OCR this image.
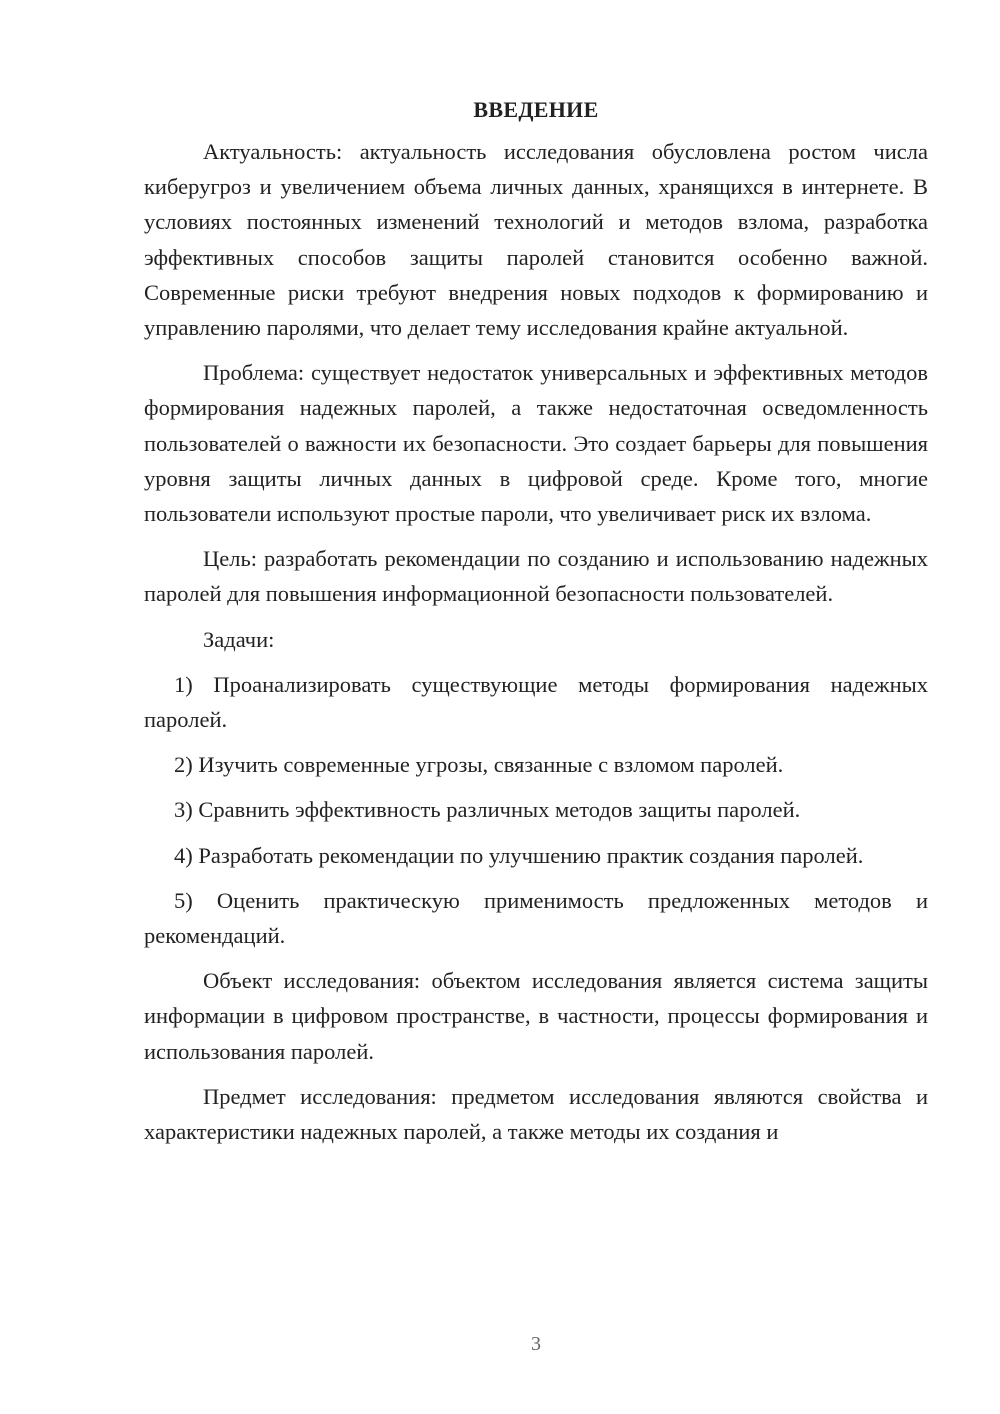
ВВЕДЕНИЕ

Актуальность: актуальность исследования обусловлена ростом числа киберугроз и увеличением объема личных данных, хранящихся в интернете. В условиях постоянных изменений технологий и методов взлома, разработка эффективных способов защиты паролей становится особенно важной. Современные риски требуют внедрения новых подходов к формированию и управлению паролями, что делает тему исследования крайне актуальной.

Проблема: существует недостаток универсальных и эффективных методов формирования надежных паролей, а также недостаточная осведомленность пользователей о важности их безопасности. Это создает барьеры для повышения уровня защиты личных данных в цифровой среде. Кроме того, многие пользователи используют простые пароли, что увеличивает риск их взлома.

Цель: разработать рекомендации по созданию и использованию надежных паролей для повышения информационной безопасности пользователей.

Задачи:

1) Проанализировать существующие методы формирования надежных паролей.

2) Изучить современные угрозы, связанные с взломом паролей.

3) Сравнить эффективность различных методов защиты паролей.

4) Разработать рекомендации по улучшению практик создания паролей.

5) Оценить практическую применимость предложенных методов и рекомендаций.

Объект исследования: объектом исследования является система защиты информации в цифровом пространстве, в частности, процессы формирования и использования паролей.

Предмет исследования: предметом исследования являются свойства и характеристики надежных паролей, а также методы их создания и

3
